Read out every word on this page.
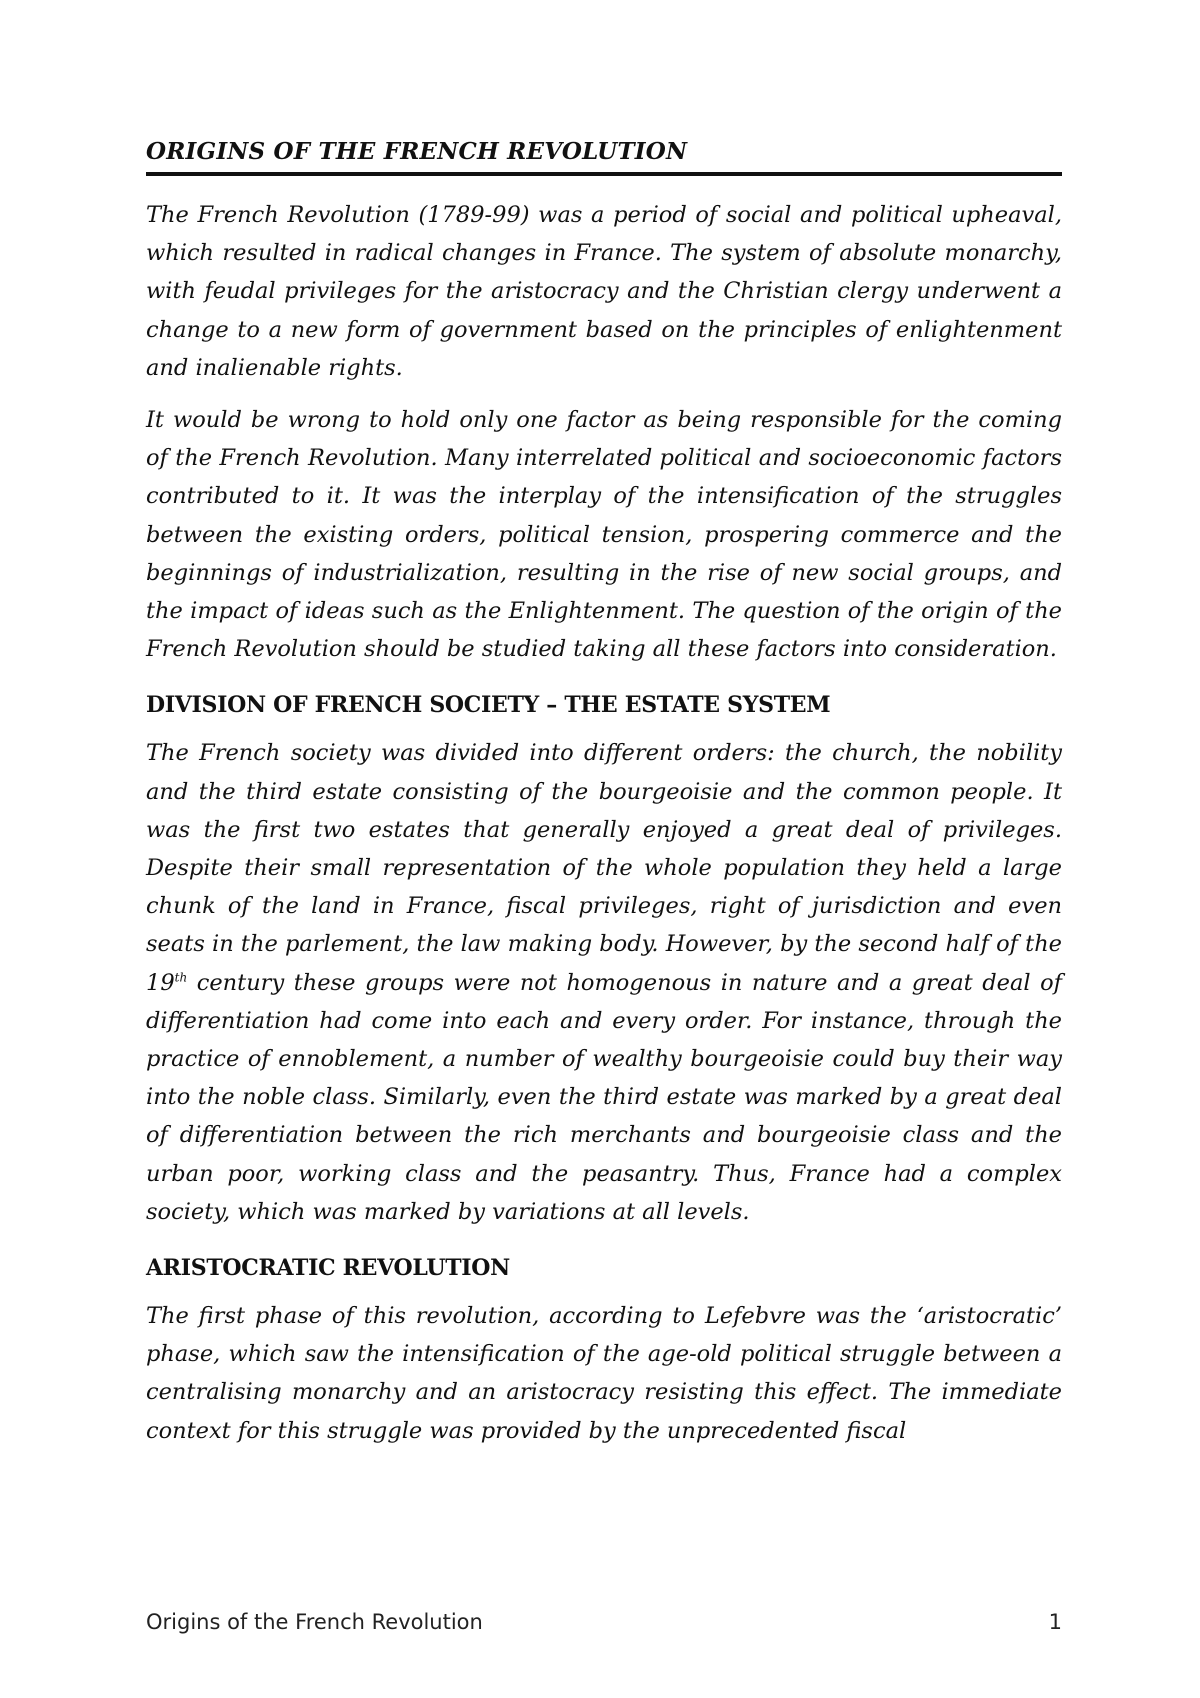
ORIGINS OF THE FRENCH REVOLUTION

The French Revolution (1789-99) was a period of social and political upheaval, which resulted in radical changes in France. The system of absolute monarchy, with feudal privileges for the aristocracy and the Christian clergy underwent a change to a new form of government based on the principles of enlightenment and inalienable rights.

It would be wrong to hold only one factor as being responsible for the coming of the French Revolution. Many interrelated political and socioeconomic factors contributed to it. It was the interplay of the intensification of the struggles between the existing orders, political tension, prospering commerce and the beginnings of industrialization, resulting in the rise of new social groups, and the impact of ideas such as the Enlightenment. The question of the origin of the French Revolution should be studied taking all these factors into consideration.

DIVISION OF FRENCH SOCIETY – THE ESTATE SYSTEM

The French society was divided into different orders: the church, the nobility and the third estate consisting of the bourgeoisie and the common people. It was the first two estates that generally enjoyed a great deal of privileges. Despite their small representation of the whole population they held a large chunk of the land in France, fiscal privileges, right of jurisdiction and even seats in the parlement, the law making body. However, by the second half of the 19th century these groups were not homogenous in nature and a great deal of differentiation had come into each and every order. For instance, through the practice of ennoblement, a number of wealthy bourgeoisie could buy their way into the noble class. Similarly, even the third estate was marked by a great deal of differentiation between the rich merchants and bourgeoisie class and the urban poor, working class and the peasantry. Thus, France had a complex society, which was marked by variations at all levels.

ARISTOCRATIC REVOLUTION

The first phase of this revolution, according to Lefebvre was the ‘aristocratic’ phase, which saw the intensification of the age-old political struggle between a centralising monarchy and an aristocracy resisting this effect. The immediate context for this struggle was provided by the unprecedented fiscal

Origins of the French Revolution	1
